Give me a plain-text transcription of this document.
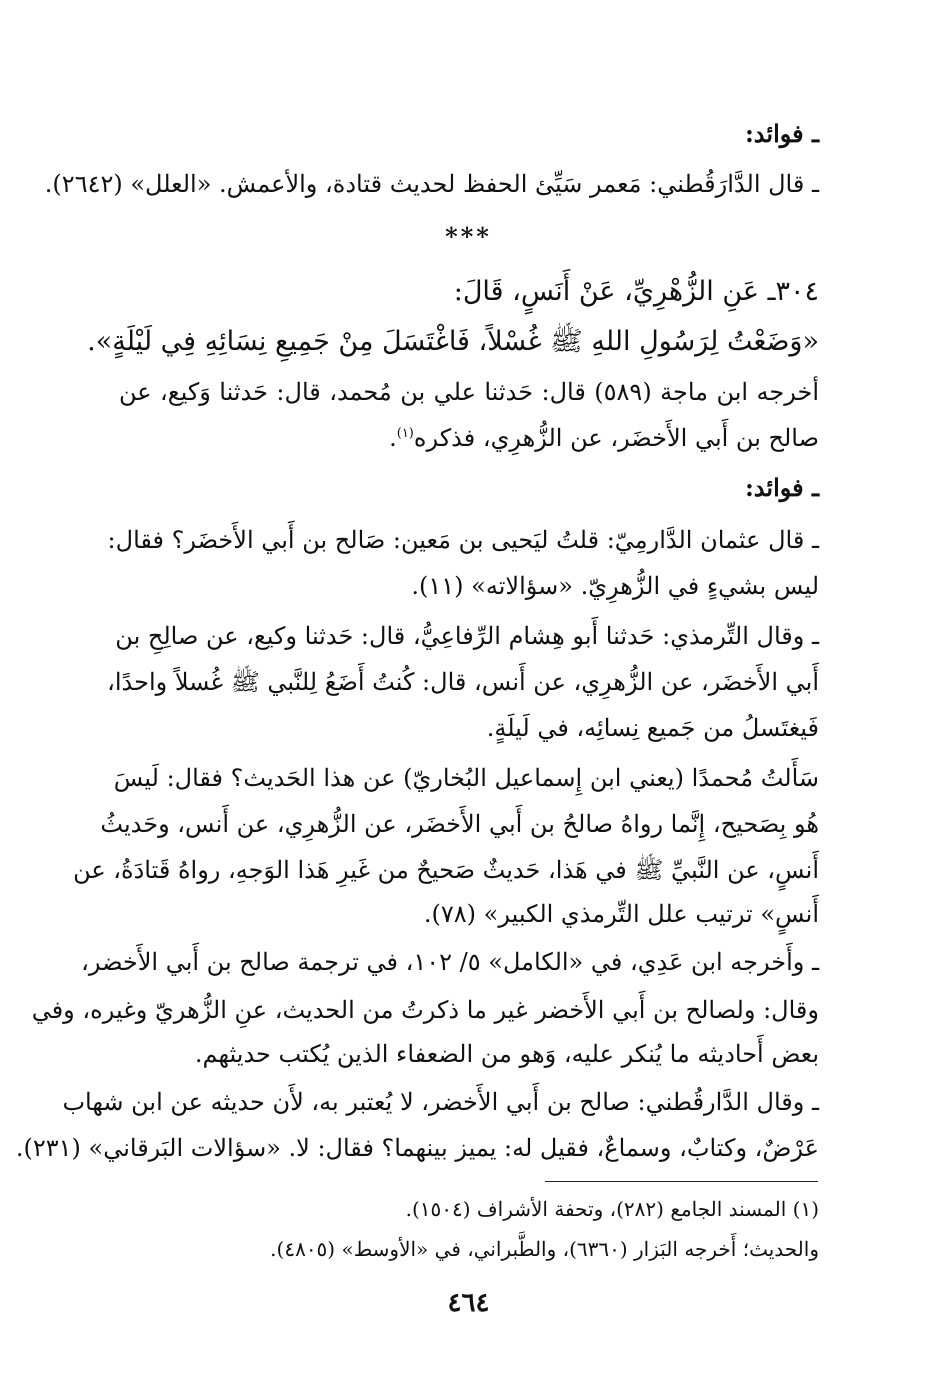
ـ فوائد:
ـ قال الدَّارَقُطني: مَعمر سَيِّئ الحفظ لحديث قتادة، والأعمش. «العلل» (٢٦٤٢).
***
٣٠٤ـ عَنِ الزُّهْرِيِّ، عَنْ أَنَسٍ، قَالَ:
«وَضَعْتُ لِرَسُولِ اللهِ ﷺ غُسْلاً، فَاغْتَسَلَ مِنْ جَمِيعِ نِسَائِهِ فِي لَيْلَةٍ».
أخرجه ابن ماجة (٥٨٩) قال: حَدثنا علي بن مُحمد، قال: حَدثنا وَكيع، عن
صالح بن أَبي الأَخضَر، عن الزُّهرِي، فذكره$^{(١)}$.
ـ فوائد:
ـ قال عثمان الدَّارمِيّ: قلتُ ليَحيى بن مَعين: صَالح بن أَبي الأَخضَر؟ فقال:
ليس بشيءٍ في الزُّهرِيّ. «سؤالاته» (١١).
ـ وقال التِّرمذي: حَدثنا أَبو هِشام الرِّفاعِيُّ، قال: حَدثنا وكيع، عن صالِحِ بن
أَبي الأَخضَر، عن الزُّهرِي، عن أَنس، قال: كُنتُ أَضَعُ لِلنَّبي ﷺ غُسلاً واحدًا،
فَيغتَسلُ من جَميع نِسائِه، في لَيلَةٍ.
سَأَلتُ مُحمدًا (يعني ابن إِسماعيل البُخاريّ) عن هذا الحَديث؟ فقال: لَيسَ
هُو بِصَحيح، إِنَّما رواهُ صالحُ بن أَبي الأَخضَر، عن الزُّهرِي، عن أَنس، وحَديثُ
أَنسٍ، عن النَّبيِّ ﷺ في هَذا، حَديثٌ صَحيحٌ من غَيرِ هَذا الوَجهِ، رواهُ قَتادَةُ، عن
أَنسٍ» ترتيب علل التِّرمذي الكبير» (٧٨).
ـ وأَخرجه ابن عَدِي، في «الكامل» ٥/ ١٠٢، في ترجمة صالح بن أَبي الأَخضر،
وقال: ولصالح بن أَبي الأَخضر غير ما ذكرتُ من الحديث، عنِ الزُّهريّ وغيره، وفي
بعض أَحاديثه ما يُنكر عليه، وَهو من الضعفاء الذين يُكتب حديثهم.
ـ وقال الدَّارقُطني: صالح بن أَبي الأَخضر، لا يُعتبر به، لأَن حديثه عن ابن شهاب
عَرْضٌ، وكتابٌ، وسماعٌ، فقيل له: يميز بينهما؟ فقال: لا. «سؤالات البَرقاني» (٢٣١).
(١) المسند الجامع (٢٨٢)، وتحفة الأشراف (١٥٠٤).
والحديث؛ أَخرجه البَزار (٦٣٦٠)، والطَّبراني، في «الأوسط» (٤٨٠٥).
٤٦٤
